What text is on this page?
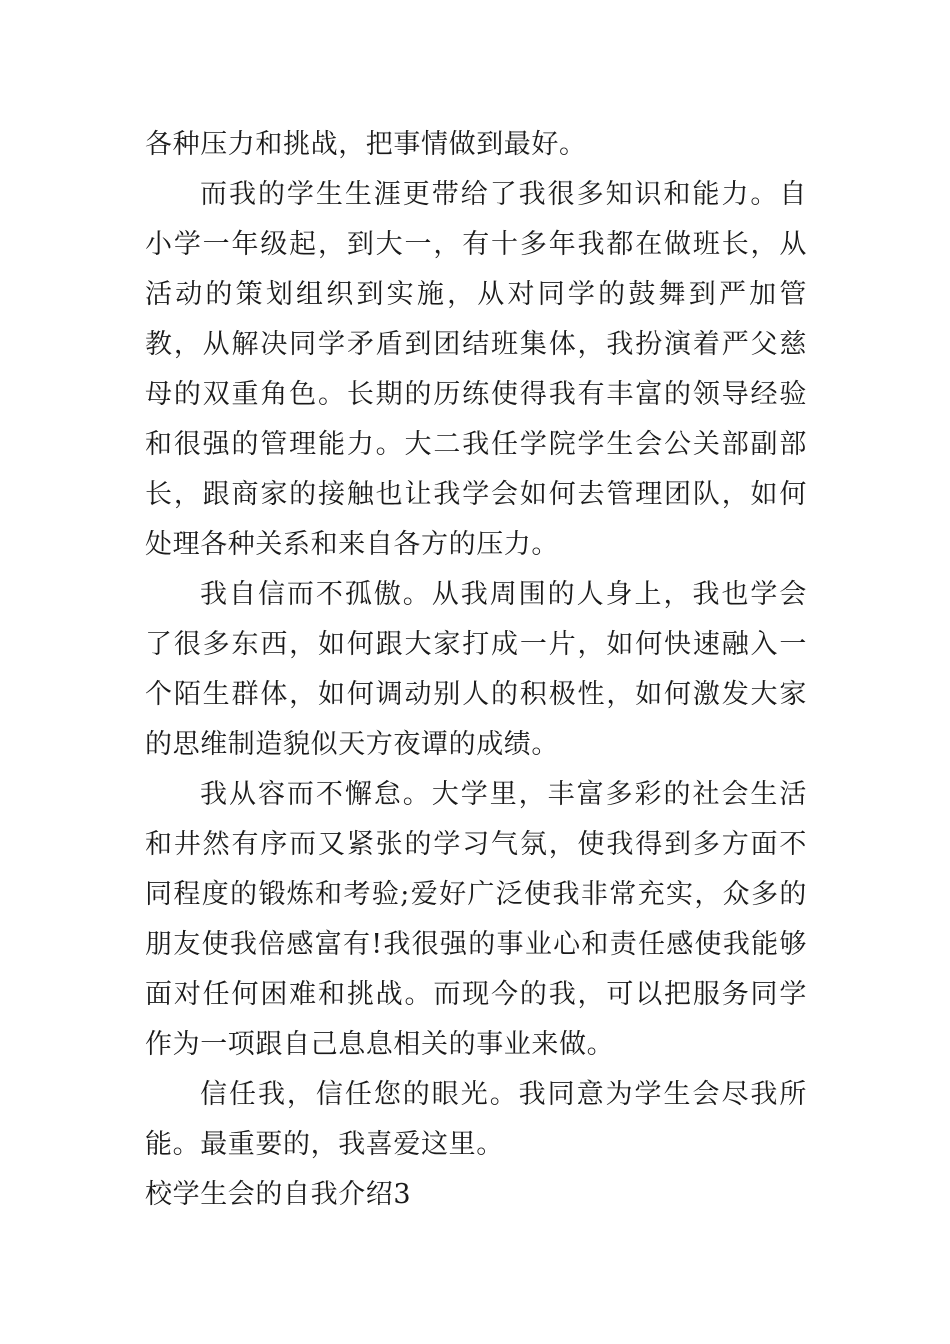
各种压力和挑战，把事情做到最好。

而我的学生生涯更带给了我很多知识和能力。自小学一年级起，到大一，有十多年我都在做班长，从活动的策划组织到实施，从对同学的鼓舞到严加管教，从解决同学矛盾到团结班集体，我扮演着严父慈母的双重角色。长期的历练使得我有丰富的领导经验和很强的管理能力。大二我任学院学生会公关部副部长，跟商家的接触也让我学会如何去管理团队，如何处理各种关系和来自各方的压力。

我自信而不孤傲。从我周围的人身上，我也学会了很多东西，如何跟大家打成一片，如何快速融入一个陌生群体，如何调动别人的积极性，如何激发大家的思维制造貌似天方夜谭的成绩。

我从容而不懈怠。大学里，丰富多彩的社会生活和井然有序而又紧张的学习气氛，使我得到多方面不同程度的锻炼和考验;爱好广泛使我非常充实，众多的朋友使我倍感富有!我很强的事业心和责任感使我能够面对任何困难和挑战。而现今的我，可以把服务同学作为一项跟自己息息相关的事业来做。

信任我，信任您的眼光。我同意为学生会尽我所能。最重要的，我喜爱这里。

校学生会的自我介绍3
